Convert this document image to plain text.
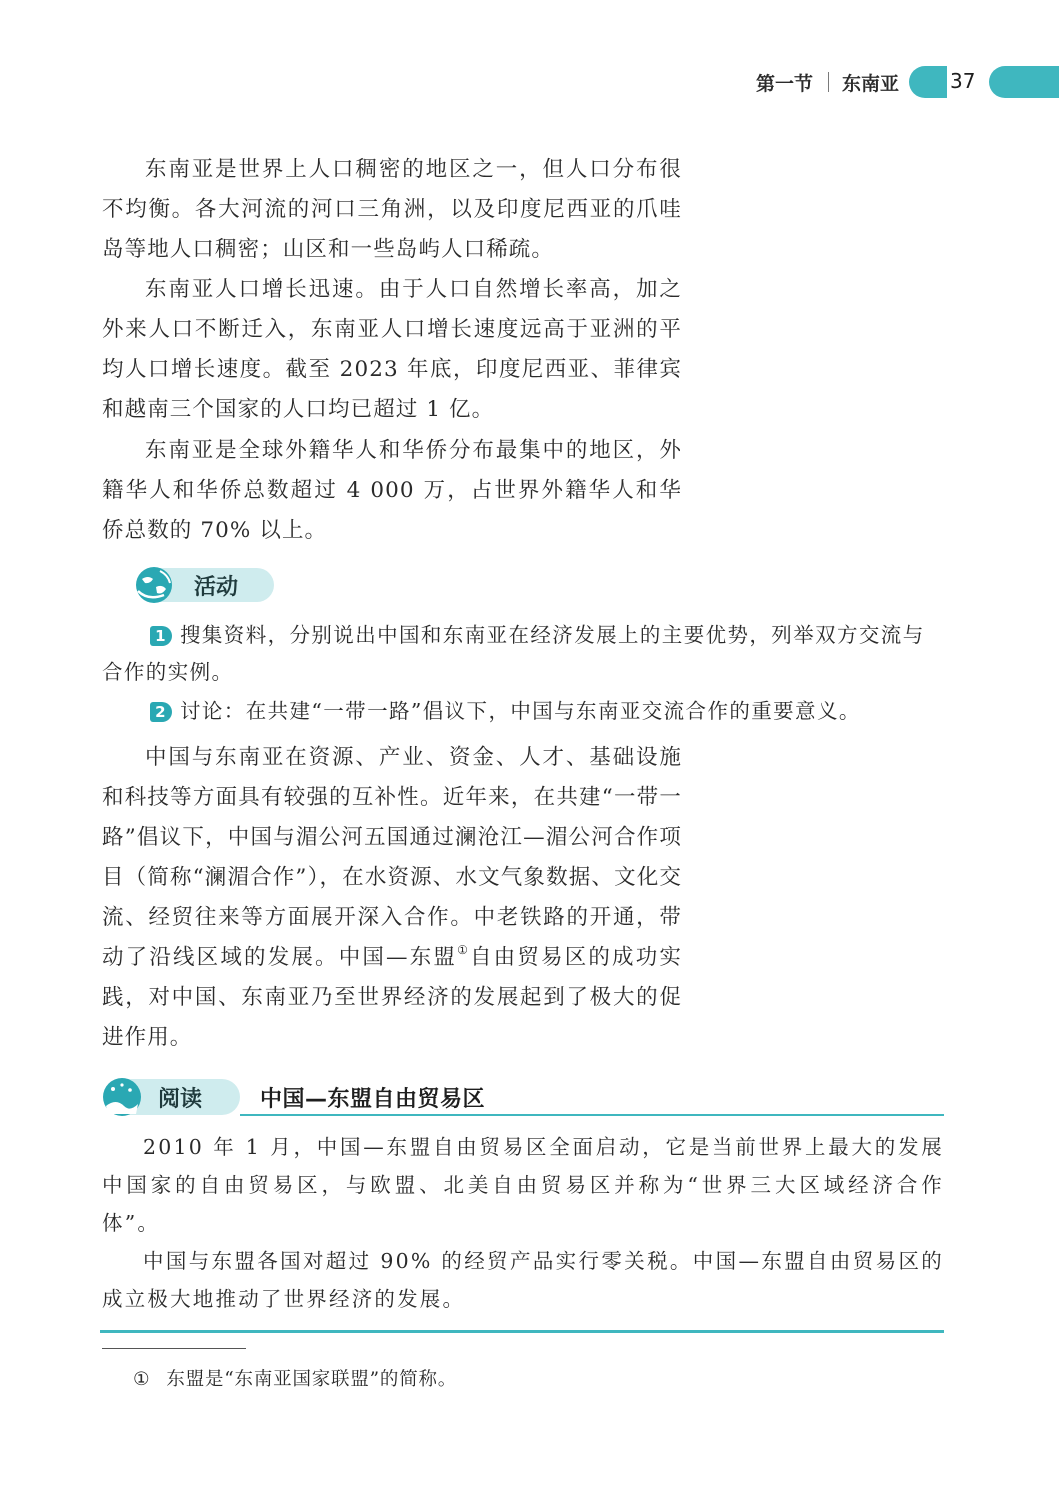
第一节 东南亚	37

东南亚是世界上人口稠密的地区之一，但人口分布很不均衡。各大河流的河口三角洲，以及印度尼西亚的爪哇岛等地人口稠密；山区和一些岛屿人口稀疏。

东南亚人口增长迅速。由于人口自然增长率高，加之外来人口不断迁入，东南亚人口增长速度远高于亚洲的平均人口增长速度。截至 2023 年底，印度尼西亚、菲律宾和越南三个国家的人口均已超过 1 亿。

东南亚是全球外籍华人和华侨分布最集中的地区，外籍华人和华侨总数超过 4 000 万，占世界外籍华人和华侨总数的 70% 以上。

活动

1 搜集资料，分别说出中国和东南亚在经济发展上的主要优势，列举双方交流与合作的实例。

2 讨论：在共建“一带一路”倡议下，中国与东南亚交流合作的重要意义。

中国与东南亚在资源、产业、资金、人才、基础设施和科技等方面具有较强的互补性。近年来，在共建“一带一路”倡议下，中国与湄公河五国通过澜沧江—湄公河合作项目（简称“澜湄合作”），在水资源、水文气象数据、文化交流、经贸往来等方面展开深入合作。中老铁路的开通，带动了沿线区域的发展。中国—东盟①自由贸易区的成功实践，对中国、东南亚乃至世界经济的发展起到了极大的促进作用。

阅读	中国—东盟自由贸易区

2010 年 1 月，中国—东盟自由贸易区全面启动，它是当前世界上最大的发展中国家的自由贸易区，与欧盟、北美自由贸易区并称为“世界三大区域经济合作体”。

中国与东盟各国对超过 90% 的经贸产品实行零关税。中国—东盟自由贸易区的成立极大地推动了世界经济的发展。

① 东盟是“东南亚国家联盟”的简称。
